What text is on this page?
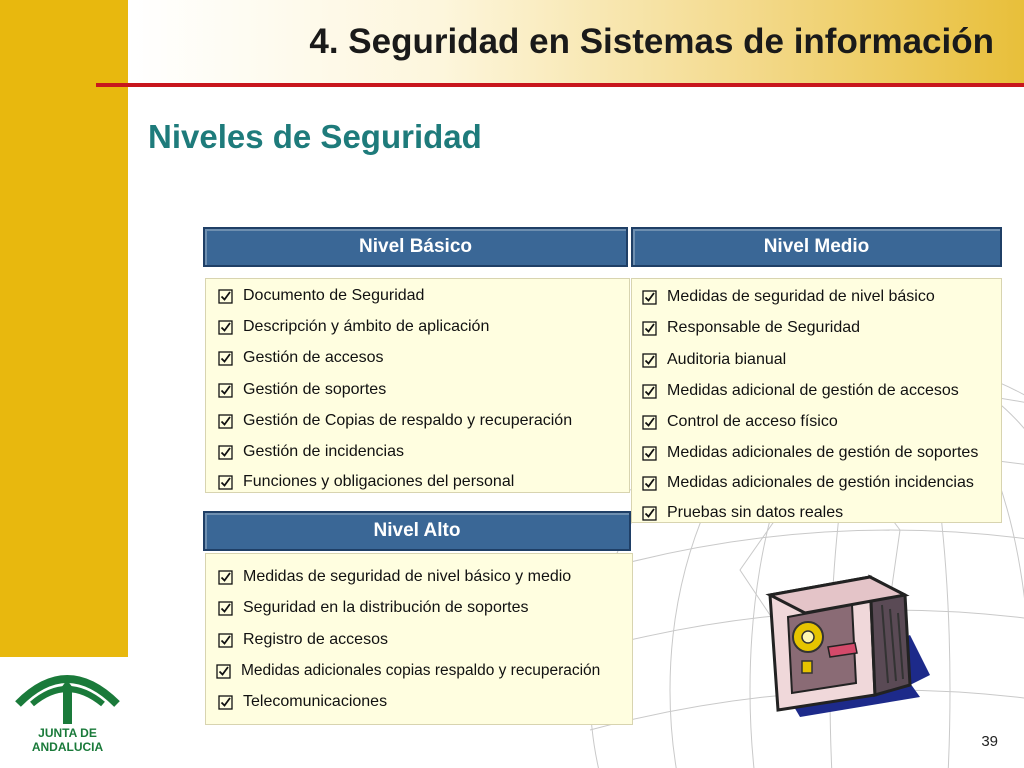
4. Seguridad en Sistemas de información
Niveles de Seguridad
Nivel Básico
Documento de Seguridad
Descripción y ámbito de aplicación
Gestión de accesos
Gestión de soportes
Gestión de Copias de respaldo y recuperación
Gestión de incidencias
Funciones y obligaciones del personal
Nivel Medio
Medidas de seguridad de nivel básico
Responsable de Seguridad
Auditoria bianual
Medidas adicional de gestión de accesos
Control de acceso físico
Medidas adicionales de gestión de soportes
Medidas adicionales de gestión incidencias
Pruebas sin datos reales
Nivel Alto
Medidas de seguridad de nivel básico y medio
Seguridad en la distribución de soportes
Registro de accesos
Medidas adicionales copias respaldo y recuperación
Telecomunicaciones
JUNTA DE ANDALUCIA	39
